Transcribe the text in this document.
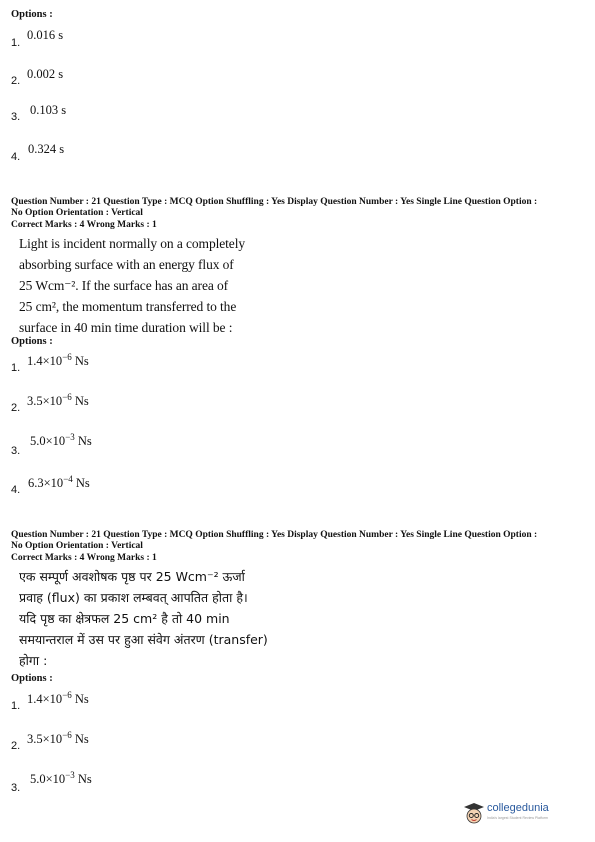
Options :
1.
0.016 s
2. 0.002 s
3. 0.103 s
4.
0.324 s
Question Number : 21 Question Type : MCQ Option Shuffling : Yes Display Question Number : Yes Single Line Question Option :
No Option Orientation : Vertical
Correct Marks : 4 Wrong Marks : 1
Light is incident normally on a completely
absorbing surface with an energy flux of
25 Wcm⁻². If the surface has an area of
25 cm², the momentum transferred to the
surface in 40 min time duration will be :
Options :
1. $1.4\times 10^{-6}$ Ns
2. $3.5\times 10^{-6}$ Ns
3.
$5.0\times 10^{-3}$ Ns
4. $6.3\times 10^{-4}$ Ns
Question Number : 21 Question Type : MCQ Option Shuffling : Yes Display Question Number : Yes Single Line Question Option :
No Option Orientation : Vertical
Correct Marks : 4 Wrong Marks : 1
एक सम्पूर्ण अवशोषक पृष्ठ पर 25 Wcm⁻² ऊर्जा
प्रवाह (flux) का प्रकाश लम्बवत् आपतित होता है।
यदि पृष्ठ का क्षेत्रफल 25 cm² है तो 40 min
समयान्तराल में उस पर हुआ संवेग अंतरण (transfer)
होगा :
Options :
1. $1.4\times 10^{-6}$ Ns
2. $3.5\times 10^{-6}$ Ns
3.
$5.0\times 10^{-3}$ Ns
collegedunia
India's largest Student Review Platform
